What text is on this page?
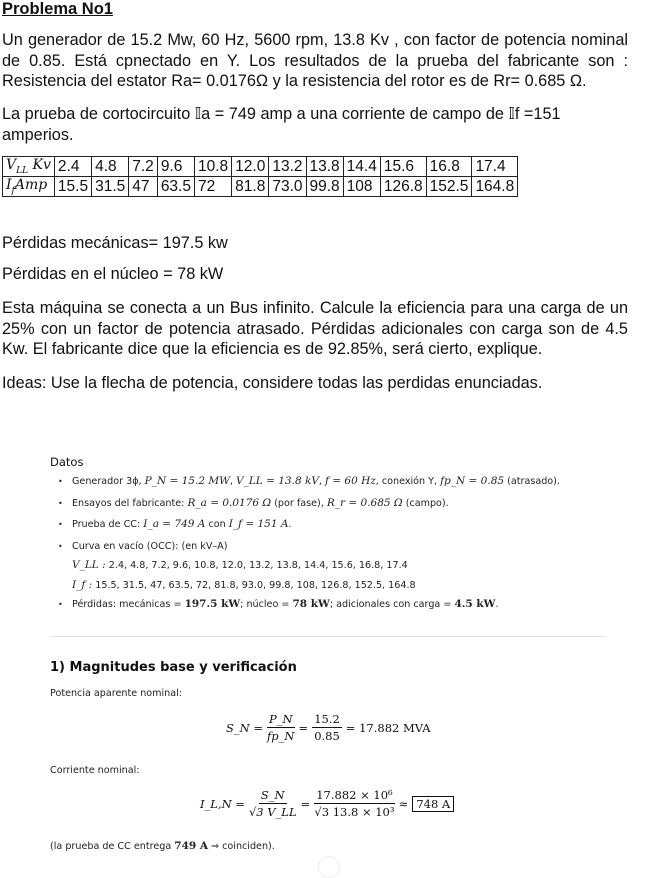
Problema No1

Un generador de 15.2 Mw, 60 Hz, 5600 rpm, 13.8 Kv , con factor de potencia nominal de 0.85. Está cpnectado en Y. Los resultados de la prueba del fabricante son : Resistencia del estator Ra= 0.0176Ω y la resistencia del rotor es de Rr= 0.685 Ω.

La prueba de cortocircuito 𝕀a = 749 amp a una corriente de campo de 𝕀f =151 amperios.

$V_{LL}$ Kv	2.4	4.8	7.2	9.6	10.8	12.0	13.2	13.8	14.4	15.6	16.8	17.4
$I_fAmp$	15.5	31.5	47	63.5	72	81.8	73.0	99.8	108	126.8	152.5	164.8

Pérdidas mecánicas= 197.5 kw

Pérdidas en el núcleo = 78 kW

Esta máquina se conecta a un Bus infinito. Calcule la eficiencia para una carga de un 25% con un factor de potencia atrasado. Pérdidas adicionales con carga son de 4.5 Kw. El fabricante dice que la eficiencia es de 92.85%, será cierto, explique.

Ideas: Use la flecha de potencia, considere todas las perdidas enunciadas.

Datos
• Generador 3ϕ, P_N = 15.2 MW, V_LL = 13.8 kV, f = 60 Hz, conexión Y, fp_N = 0.85 (atrasado).
• Ensayos del fabricante: R_a = 0.0176 Ω (por fase), R_r = 0.685 Ω (campo).
• Prueba de CC: I_a = 749 A con I_f = 151 A.
• Curva en vacío (OCC): (en kV–A)
V_LL : 2.4, 4.8, 7.2, 9.6, 10.8, 12.0, 13.2, 13.8, 14.4, 15.6, 16.8, 17.4
I_f : 15.5, 31.5, 47, 63.5, 72, 81.8, 93.0, 99.8, 108, 126.8, 152.5, 164.8
• Pérdidas: mecánicas = 197.5 kW; núcleo = 78 kW; adicionales con carga = 4.5 kW.
1) Magnitudes base y verificación
Potencia aparente nominal:
S_N = $\frac{P\_N}{fp\_N} = \frac{15.2}{0.85} = 17.882$ MVA
Corriente nominal:
I_L,N = $\frac{S\_N}{√3 V\_LL} = \frac{\text{17.882 × 10⁶}}{\text{√3 13.8 × 10³}} \approx 748$ A
(la prueba de CC entrega 749 A ⇒ coinciden).
